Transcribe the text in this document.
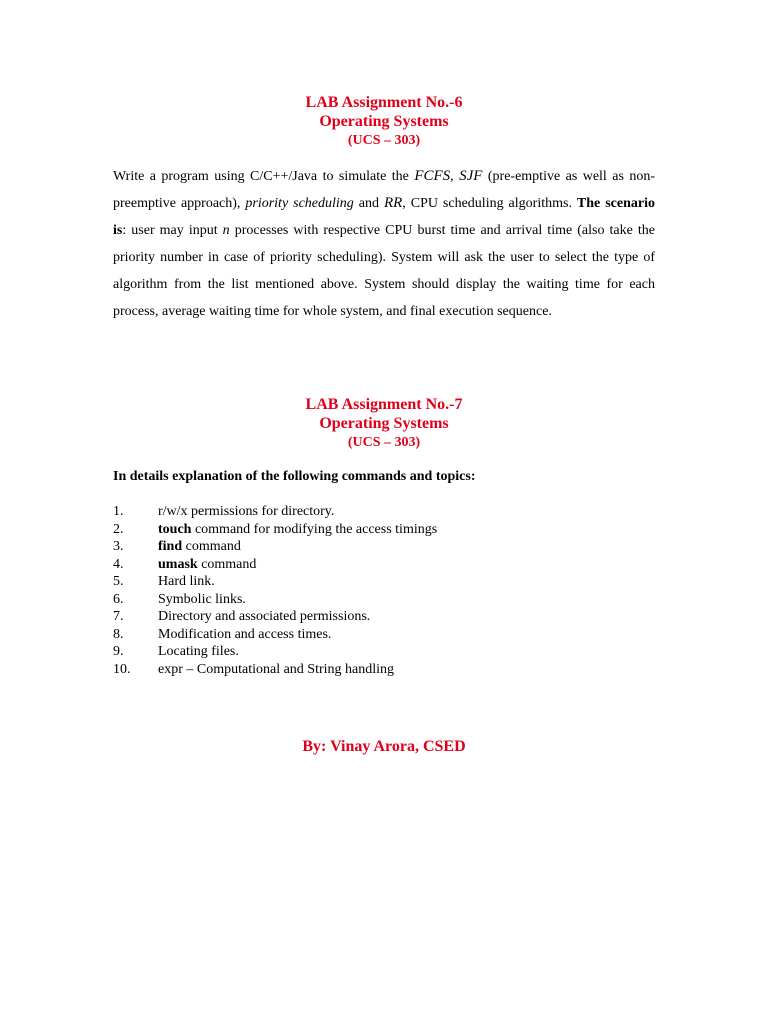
LAB Assignment No.-6
Operating Systems
(UCS – 303)

Write a program using C/C++/Java to simulate the FCFS, SJF (pre-emptive as well as non-preemptive approach), priority scheduling and RR, CPU scheduling algorithms. The scenario is: user may input n processes with respective CPU burst time and arrival time (also take the priority number in case of priority scheduling). System will ask the user to select the type of algorithm from the list mentioned above. System should display the waiting time for each process, average waiting time for whole system, and final execution sequence.

LAB Assignment No.-7
Operating Systems
(UCS – 303)

In details explanation of the following commands and topics:

1. r/w/x permissions for directory.
2. touch command for modifying the access timings
3. find command
4. umask command
5. Hard link.
6. Symbolic links.
7. Directory and associated permissions.
8. Modification and access times.
9. Locating files.
10. expr – Computational and String handling

By: Vinay Arora, CSED
